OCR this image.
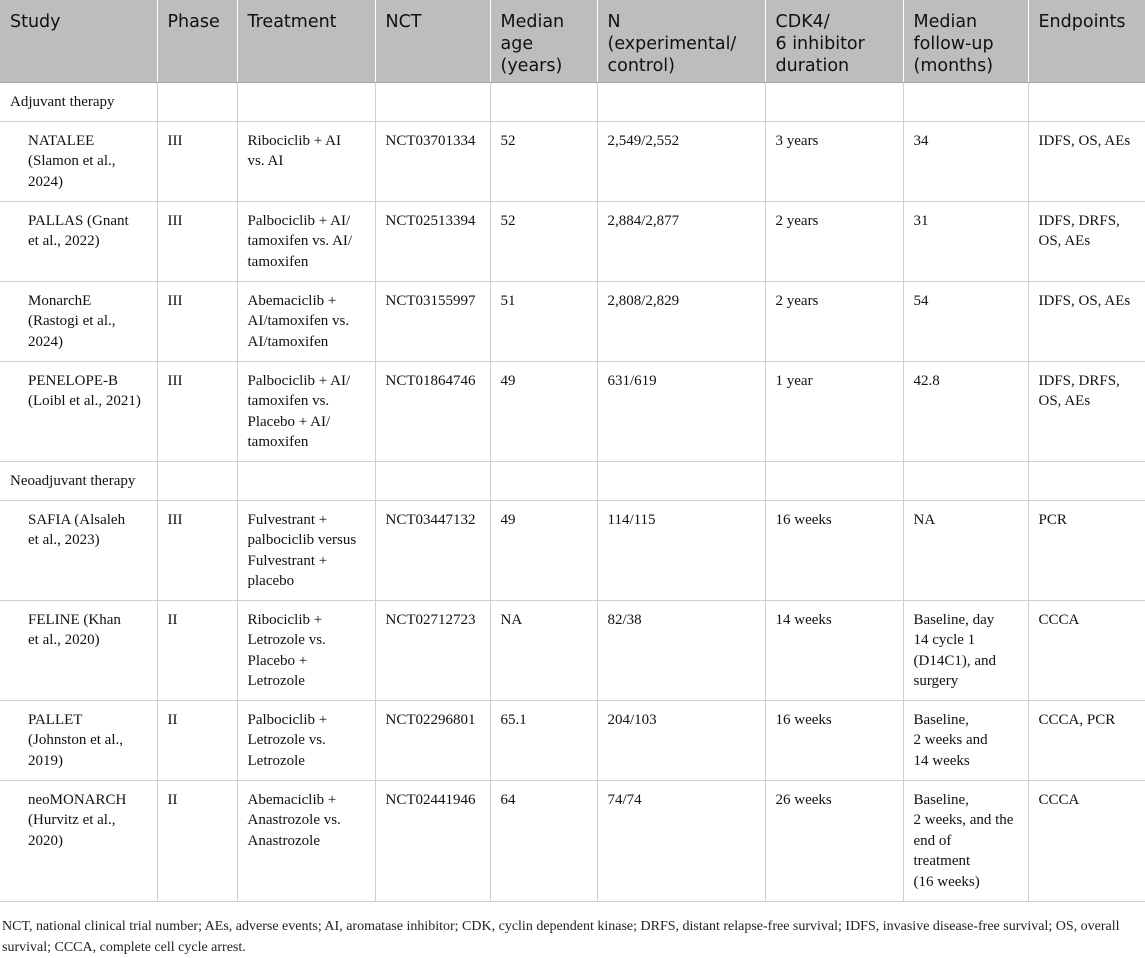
Study	Phase	Treatment	NCT	Median
age
(years)	N
(experimental/
control)	CDK4/
6 inhibitor
duration	Median
follow-up
(months)	Endpoints

Adjuvant therapy								

NATALEE
(Slamon et al.,
2024)	III	Ribociclib + AI
vs. AI	NCT03701334	52	2,549/2,552	3 years	34	IDFS, OS, AEs

PALLAS (Gnant
et al., 2022)	III	Palbociclib + AI/
tamoxifen vs. AI/
tamoxifen	NCT02513394	52	2,884/2,877	2 years	31	IDFS, DRFS,
OS, AEs

MonarchE
(Rastogi et al.,
2024)	III	Abemaciclib +
AI/tamoxifen vs.
AI/tamoxifen	NCT03155997	51	2,808/2,829	2 years	54	IDFS, OS, AEs

PENELOPE-B
(Loibl et al., 2021)	III	Palbociclib + AI/
tamoxifen vs.
Placebo + AI/
tamoxifen	NCT01864746	49	631/619	1 year	42.8	IDFS, DRFS,
OS, AEs

Neoadjuvant therapy								

SAFIA (Alsaleh
et al., 2023)	III	Fulvestrant +
palbociclib versus
Fulvestrant +
placebo	NCT03447132	49	114/115	16 weeks	NA	PCR

FELINE (Khan
et al., 2020)	II	Ribociclib +
Letrozole vs.
Placebo +
Letrozole	NCT02712723	NA	82/38	14 weeks	Baseline, day
14 cycle 1
(D14C1), and
surgery	CCCA

PALLET
(Johnston et al.,
2019)	II	Palbociclib +
Letrozole vs.
Letrozole	NCT02296801	65.1	204/103	16 weeks	Baseline,
2 weeks and
14 weeks	CCCA, PCR

neoMONARCH
(Hurvitz et al.,
2020)	II	Abemaciclib +
Anastrozole vs.
Anastrozole	NCT02441946	64	74/74	26 weeks	Baseline,
2 weeks, and the
end of
treatment
(16 weeks)	CCCA

NCT, national clinical trial number; AEs, adverse events; AI, aromatase inhibitor; CDK, cyclin dependent kinase; DRFS, distant relapse-free survival; IDFS, invasive disease-free survival; OS, overall survival; CCCA, complete cell cycle arrest.
